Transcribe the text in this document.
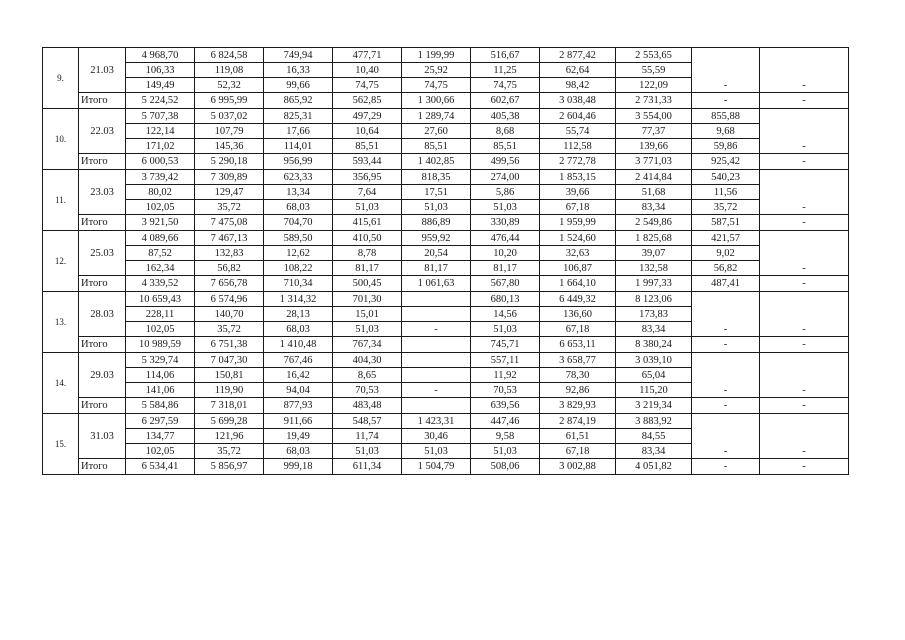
9.	21.03	4 968,70	6 824,58	749,94	477,71	1 199,99	516,67	2 877,42	2 553,65		
		106,33	119,08	16,33	10,40	25,92	11,25	62,64	55,59		
		149,49	52,32	99,66	74,75	74,75	74,75	98,42	122,09	-	-
	Итого	5 224,52	6 995,99	865,92	562,85	1 300,66	602,67	3 038,48	2 731,33	-	-
10.	22.03	5 707,38	5 037,02	825,31	497,29	1 289,74	405,38	2 604,46	3 554,00	855,88	
		122,14	107,79	17,66	10,64	27,60	8,68	55,74	77,37	9,68	
		171,02	145,36	114,01	85,51	85,51	85,51	112,58	139,66	59,86	-
	Итого	6 000,53	5 290,18	956,99	593,44	1 402,85	499,56	2 772,78	3 771,03	925,42	-
11.	23.03	3 739,42	7 309,89	623,33	356,95	818,35	274,00	1 853,15	2 414,84	540,23	
		80,02	129,47	13,34	7,64	17,51	5,86	39,66	51,68	11,56	
		102,05	35,72	68,03	51,03	51,03	51,03	67,18	83,34	35,72	-
	Итого	3 921,50	7 475,08	704,70	415,61	886,89	330,89	1 959,99	2 549,86	587,51	-
12.	25.03	4 089,66	7 467,13	589,50	410,50	959,92	476,44	1 524,60	1 825,68	421,57	
		87,52	132,83	12,62	8,78	20,54	10,20	32,63	39,07	9,02	
		162,34	56,82	108,22	81,17	81,17	81,17	106,87	132,58	56,82	-
	Итого	4 339,52	7 656,78	710,34	500,45	1 061,63	567,80	1 664,10	1 997,33	487,41	-
13.	28.03	10 659,43	6 574,96	1 314,32	701,30		680,13	6 449,32	8 123,06		
		228,11	140,70	28,13	15,01		14,56	136,60	173,83		
		102,05	35,72	68,03	51,03	-	51,03	67,18	83,34	-	-
	Итого	10 989,59	6 751,38	1 410,48	767,34		745,71	6 653,11	8 380,24	-	-
14.	29.03	5 329,74	7 047,30	767,46	404,30		557,11	3 658,77	3 039,10		
		114,06	150,81	16,42	8,65		11,92	78,30	65,04		
		141,06	119,90	94,04	70,53	-	70,53	92,86	115,20	-	-
	Итого	5 584,86	7 318,01	877,93	483,48		639,56	3 829,93	3 219,34	-	-
15.	31.03	6 297,59	5 699,28	911,66	548,57	1 423,31	447,46	2 874,19	3 883,92		
		134,77	121,96	19,49	11,74	30,46	9,58	61,51	84,55		
		102,05	35,72	68,03	51,03	51,03	51,03	67,18	83,34	-	-
	Итого	6 534,41	5 856,97	999,18	611,34	1 504,79	508,06	3 002,88	4 051,82	-	-
